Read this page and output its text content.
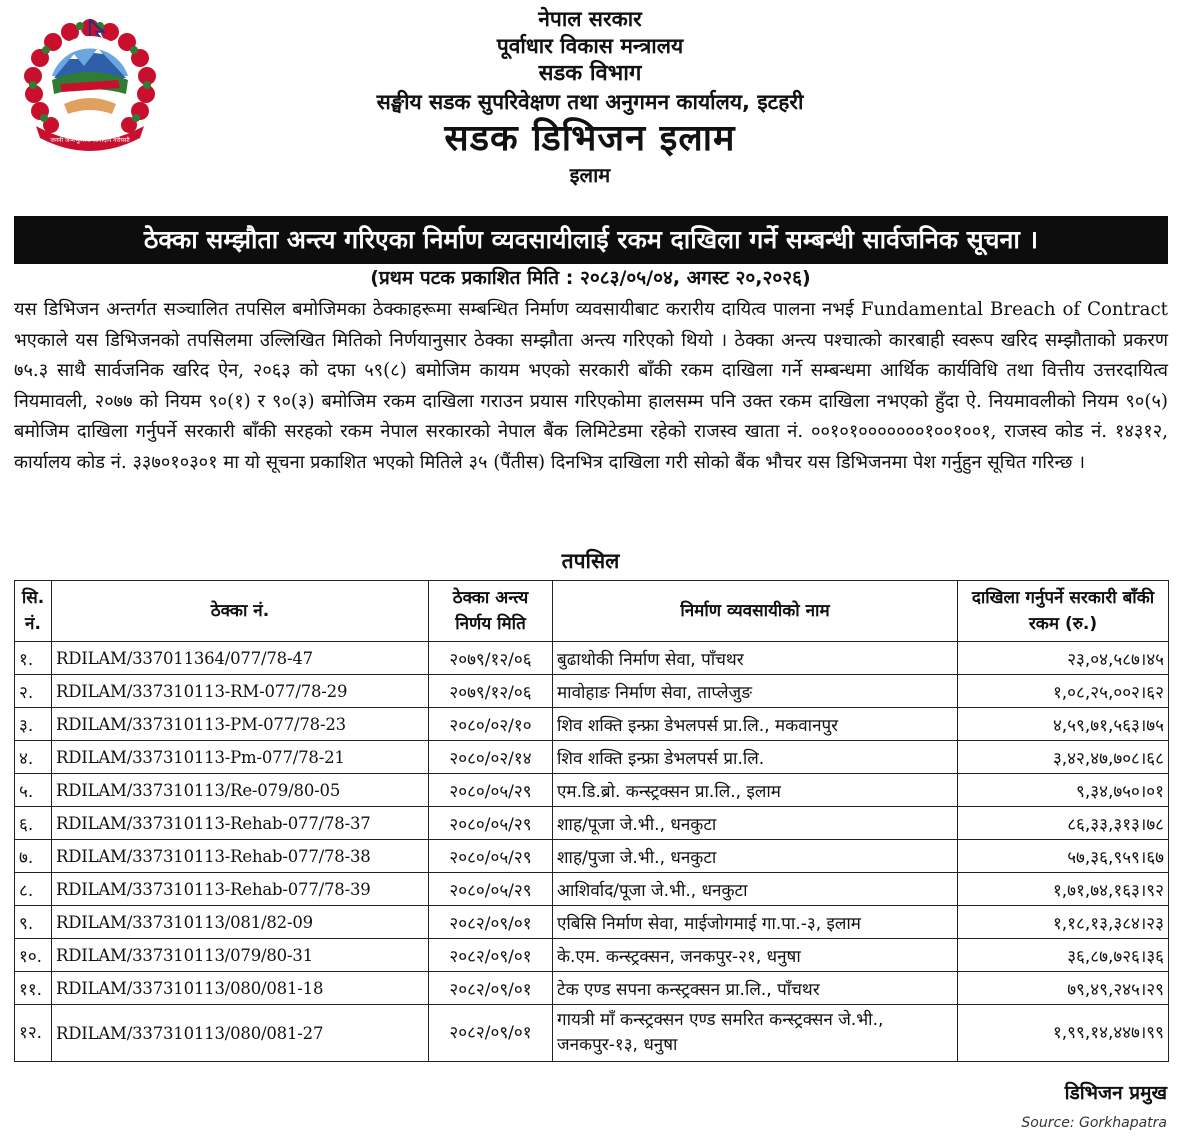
जननी जन्मभूमिश्च स्वर्गादपि गरीयसी
नेपाल सरकार
पूर्वाधार विकास मन्त्रालय
सडक विभाग
सङ्घीय सडक सुपरिवेक्षण तथा अनुगमन कार्यालय, इटहरी
सडक डिभिजन इलाम
इलाम
ठेक्का सम्झौता अन्त्य गरिएका निर्माण व्यवसायीलाई रकम दाखिला गर्ने सम्बन्धी सार्वजनिक सूचना ।
(प्रथम पटक प्रकाशित मिति : २०८३/०५/०४, अगस्ट २०,२०२६)
यस डिभिजन अन्तर्गत सञ्चालित तपसिल बमोजिमका ठेक्काहरूमा सम्बन्धित निर्माण व्यवसायीबाट करारीय दायित्व पालना नभई Fundamental Breach of Contract भएकाले यस डिभिजनको तपसिलमा उल्लिखित मितिको निर्णयानुसार ठेक्का सम्झौता अन्त्य गरिएको थियो । ठेक्का अन्त्य पश्चात्को कारबाही स्वरूप खरिद सम्झौताको प्रकरण ७५.३ साथै सार्वजनिक खरिद ऐन, २०६३ को दफा ५९(८) बमोजिम कायम भएको सरकारी बाँकी रकम दाखिला गर्ने सम्बन्धमा आर्थिक कार्यविधि तथा वित्तीय उत्तरदायित्व नियमावली, २०७७ को नियम ९०(१) र ९०(३) बमोजिम रकम दाखिला गराउन प्रयास गरिएकोमा हालसम्म पनि उक्त रकम दाखिला नभएको हुँदा ऐ. नियमावलीको नियम ९०(५) बमोजिम दाखिला गर्नुपर्ने सरकारी बाँकी सरहको रकम नेपाल सरकारको नेपाल बैंक लिमिटेडमा रहेको राजस्व खाता नं. ००१०१०००००००१००१००१, राजस्व कोड नं. १४३१२, कार्यालय कोड नं. ३३७०१०३०१ मा यो सूचना प्रकाशित भएको मितिले ३५ (पैंतीस) दिनभित्र दाखिला गरी सोको बैंक भौचर यस डिभिजनमा पेश गर्नुहुन सूचित गरिन्छ ।
तपसिल
सि. नं.	ठेक्का नं.	ठेक्का अन्त्य निर्णय मिति	निर्माण व्यवसायीको नाम	दाखिला गर्नुपर्ने सरकारी बाँकी रकम (रु.)
१.	RDILAM/337011364/077/78-47	२०७९/१२/०६	बुढाथोकी निर्माण सेवा, पाँचथर	२३,०४,५८७।४५
२.	RDILAM/337310113-RM-077/78-29	२०७९/१२/०६	मावोहाङ निर्माण सेवा, ताप्लेजुङ	१,०८,२५,००२।६२
३.	RDILAM/337310113-PM-077/78-23	२०८०/०२/१०	शिव शक्ति इन्फ्रा डेभलपर्स प्रा.लि., मकवानपुर	४,५९,७१,५६३।७५
४.	RDILAM/337310113-Pm-077/78-21	२०८०/०२/१४	शिव शक्ति इन्फ्रा डेभलपर्स प्रा.लि.	३,४२,४७,७०८।६८
५.	RDILAM/337310113/Re-079/80-05	२०८०/०५/२९	एम.डि.ब्रो. कन्स्ट्रक्सन प्रा.लि., इलाम	९,३४,७५०।०१
६.	RDILAM/337310113-Rehab-077/78-37	२०८०/०५/२९	शाह/पूजा जे.भी., धनकुटा	८६,३३,३१३।७८
७.	RDILAM/337310113-Rehab-077/78-38	२०८०/०५/२९	शाह/पुजा जे.भी., धनकुटा	५७,३६,९५९।६७
८.	RDILAM/337310113-Rehab-077/78-39	२०८०/०५/२९	आशिर्वाद/पूजा जे.भी., धनकुटा	१,७१,७४,१६३।९२
९.	RDILAM/337310113/081/82-09	२०८२/०९/०१	एबिसि निर्माण सेवा, माईजोगमाई गा.पा.-३, इलाम	१,१८,१३,३८४।२३
१०.	RDILAM/337310113/079/80-31	२०८२/०९/०१	के.एम. कन्स्ट्रक्सन, जनकपुर-२१, धनुषा	३६,८७,७२६।३६
११.	RDILAM/337310113/080/081-18	२०८२/०९/०१	टेक एण्ड सपना कन्स्ट्रक्सन प्रा.लि., पाँचथर	७९,४९,२४५।२९
१२.	RDILAM/337310113/080/081-27	२०८२/०९/०१	गायत्री माँ कन्स्ट्रक्सन एण्ड समरित कन्स्ट्रक्सन जे.भी., जनकपुर-१३, धनुषा	१,९९,१४,४४७।९९
डिभिजन प्रमुख
Source: Gorkhapatra
